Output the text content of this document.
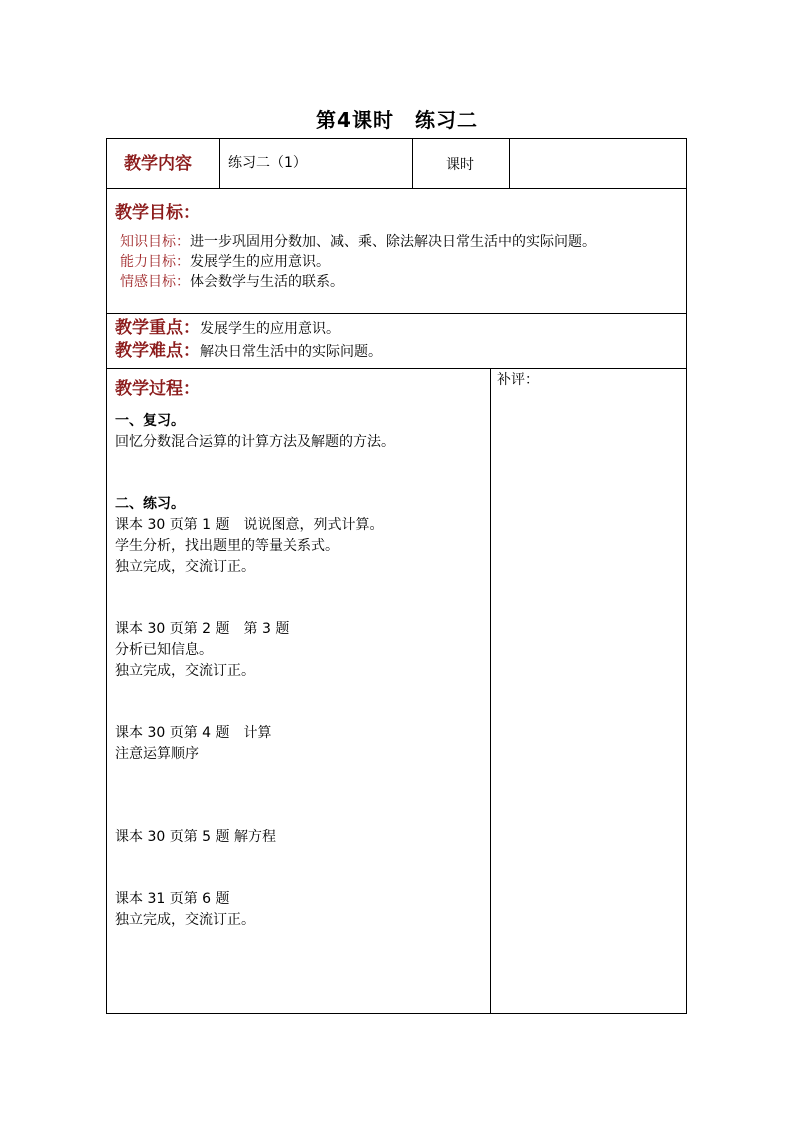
第4课时　练习二
教学内容	练习二（1）	课时
教学目标：
知识目标：进一步巩固用分数加、减、乘、除法解决日常生活中的实际问题。
能力目标：发展学生的应用意识。
情感目标：体会数学与生活的联系。
教学重点：发展学生的应用意识。
教学难点：解决日常生活中的实际问题。
教学过程：
一、复习。
回忆分数混合运算的计算方法及解题的方法。
二、练习。
课本 30 页第 1 题　说说图意，列式计算。
学生分析，找出题里的等量关系式。
独立完成，交流订正。
课本 30 页第 2 题　第 3 题
分析已知信息。
独立完成，交流订正。
课本 30 页第 4 题　计算
注意运算顺序
课本 30 页第 5 题 解方程
课本 31 页第 6 题
独立完成，交流订正。
补评：
